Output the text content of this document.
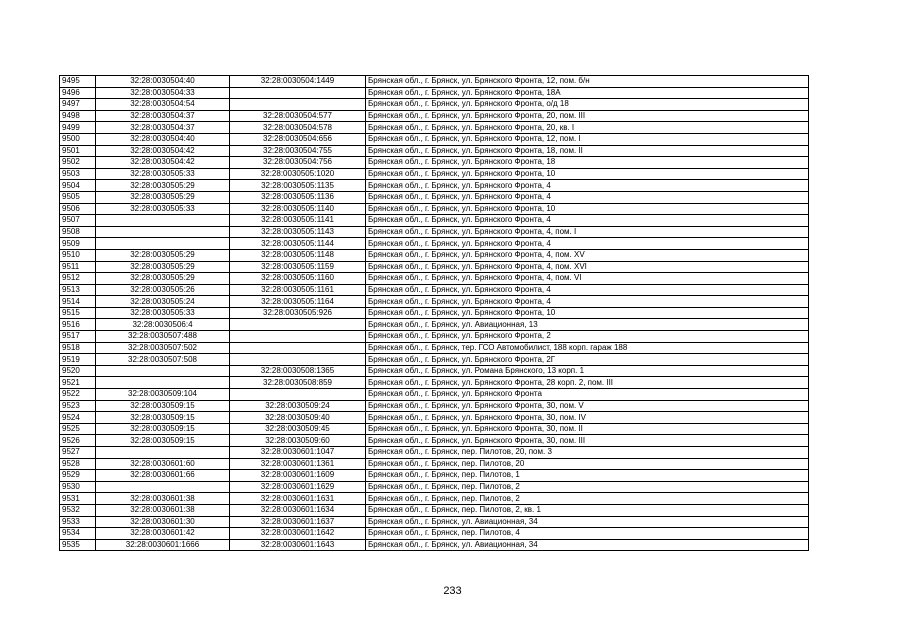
9495	32:28:0030504:40	32:28:0030504:1449	Брянская обл., г. Брянск, ул. Брянского Фронта, 12, пом. б/н
9496	32:28:0030504:33		Брянская обл., г. Брянск, ул. Брянского Фронта, 18А
9497	32:28:0030504:54		Брянская обл., г. Брянск, ул. Брянского Фронта, о/д 18
9498	32:28:0030504:37	32:28:0030504:577	Брянская обл., г. Брянск, ул. Брянского Фронта, 20, пом. III
9499	32:28:0030504:37	32:28:0030504:578	Брянская обл., г. Брянск, ул. Брянского Фронта, 20, кв. I
9500	32:28:0030504:40	32:28:0030504:656	Брянская обл., г. Брянск, ул. Брянского Фронта, 12, пом. I
9501	32:28:0030504:42	32:28:0030504:755	Брянская обл., г. Брянск, ул. Брянского Фронта, 18, пом. II
9502	32:28:0030504:42	32:28:0030504:756	Брянская обл., г. Брянск, ул. Брянского Фронта, 18
9503	32:28:0030505:33	32:28:0030505:1020	Брянская обл., г. Брянск, ул. Брянского Фронта, 10
9504	32:28:0030505:29	32:28:0030505:1135	Брянская обл., г. Брянск, ул. Брянского Фронта, 4
9505	32:28:0030505:29	32:28:0030505:1136	Брянская обл., г. Брянск, ул. Брянского Фронта, 4
9506	32:28:0030505:33	32:28:0030505:1140	Брянская обл., г. Брянск, ул. Брянского Фронта, 10
9507		32:28:0030505:1141	Брянская обл., г. Брянск, ул. Брянского Фронта, 4
9508		32:28:0030505:1143	Брянская обл., г. Брянск, ул. Брянского Фронта, 4, пом. I
9509		32:28:0030505:1144	Брянская обл., г. Брянск, ул. Брянского Фронта, 4
9510	32:28:0030505:29	32:28:0030505:1148	Брянская обл., г. Брянск, ул. Брянского Фронта, 4, пом. XV
9511	32:28:0030505:29	32:28:0030505:1159	Брянская обл., г. Брянск, ул. Брянского Фронта, 4, пом. XVI
9512	32:28:0030505:29	32:28:0030505:1160	Брянская обл., г. Брянск, ул. Брянского Фронта, 4, пом. VI
9513	32:28:0030505:26	32:28:0030505:1161	Брянская обл., г. Брянск, ул. Брянского Фронта, 4
9514	32:28:0030505:24	32:28:0030505:1164	Брянская обл., г. Брянск, ул. Брянского Фронта, 4
9515	32:28:0030505:33	32:28:0030505:926	Брянская обл., г. Брянск, ул. Брянского Фронта, 10
9516	32:28:0030506:4		Брянская обл., г. Брянск, ул. Авиационная, 13
9517	32:28:0030507:488		Брянская обл., г. Брянск, ул. Брянского Фронта, 2
9518	32:28:0030507:502		Брянская обл., г. Брянск, тер. ГСО Автомобилист, 188 корп. гараж 188
9519	32:28:0030507:508		Брянская обл., г. Брянск, ул. Брянского Фронта, 2Г
9520		32:28:0030508:1365	Брянская обл., г. Брянск, ул. Романа Брянского, 13 корп. 1
9521		32:28:0030508:859	Брянская обл., г. Брянск, ул. Брянского Фронта, 28 корп. 2, пом. III
9522	32:28:0030509:104		Брянская обл., г. Брянск, ул. Брянского Фронта
9523	32:28:0030509:15	32:28:0030509:24	Брянская обл., г. Брянск, ул. Брянского Фронта, 30, пом. V
9524	32:28:0030509:15	32:28:0030509:40	Брянская обл., г. Брянск, ул. Брянского Фронта, 30, пом. IV
9525	32:28:0030509:15	32:28:0030509:45	Брянская обл., г. Брянск, ул. Брянского Фронта, 30, пом. II
9526	32:28:0030509:15	32:28:0030509:60	Брянская обл., г. Брянск, ул. Брянского Фронта, 30, пом. III
9527		32:28:0030601:1047	Брянская обл., г. Брянск, пер. Пилотов, 20, пом. 3
9528	32:28:0030601:60	32:28:0030601:1361	Брянская обл., г. Брянск, пер. Пилотов, 20
9529	32:28:0030601:66	32:28:0030601:1609	Брянская обл., г. Брянск, пер. Пилотов, 1
9530		32:28:0030601:1629	Брянская обл., г. Брянск, пер. Пилотов, 2
9531	32:28:0030601:38	32:28:0030601:1631	Брянская обл., г. Брянск, пер. Пилотов, 2
9532	32:28:0030601:38	32:28:0030601:1634	Брянская обл., г. Брянск, пер. Пилотов, 2, кв. 1
9533	32:28:0030601:30	32:28:0030601:1637	Брянская обл., г. Брянск, ул. Авиационная, 34
9534	32:28:0030601:42	32:28:0030601:1642	Брянская обл., г. Брянск, пер. Пилотов, 4
9535	32:28:0030601:1666	32:28:0030601:1643	Брянская обл., г. Брянск, ул. Авиационная, 34
233
